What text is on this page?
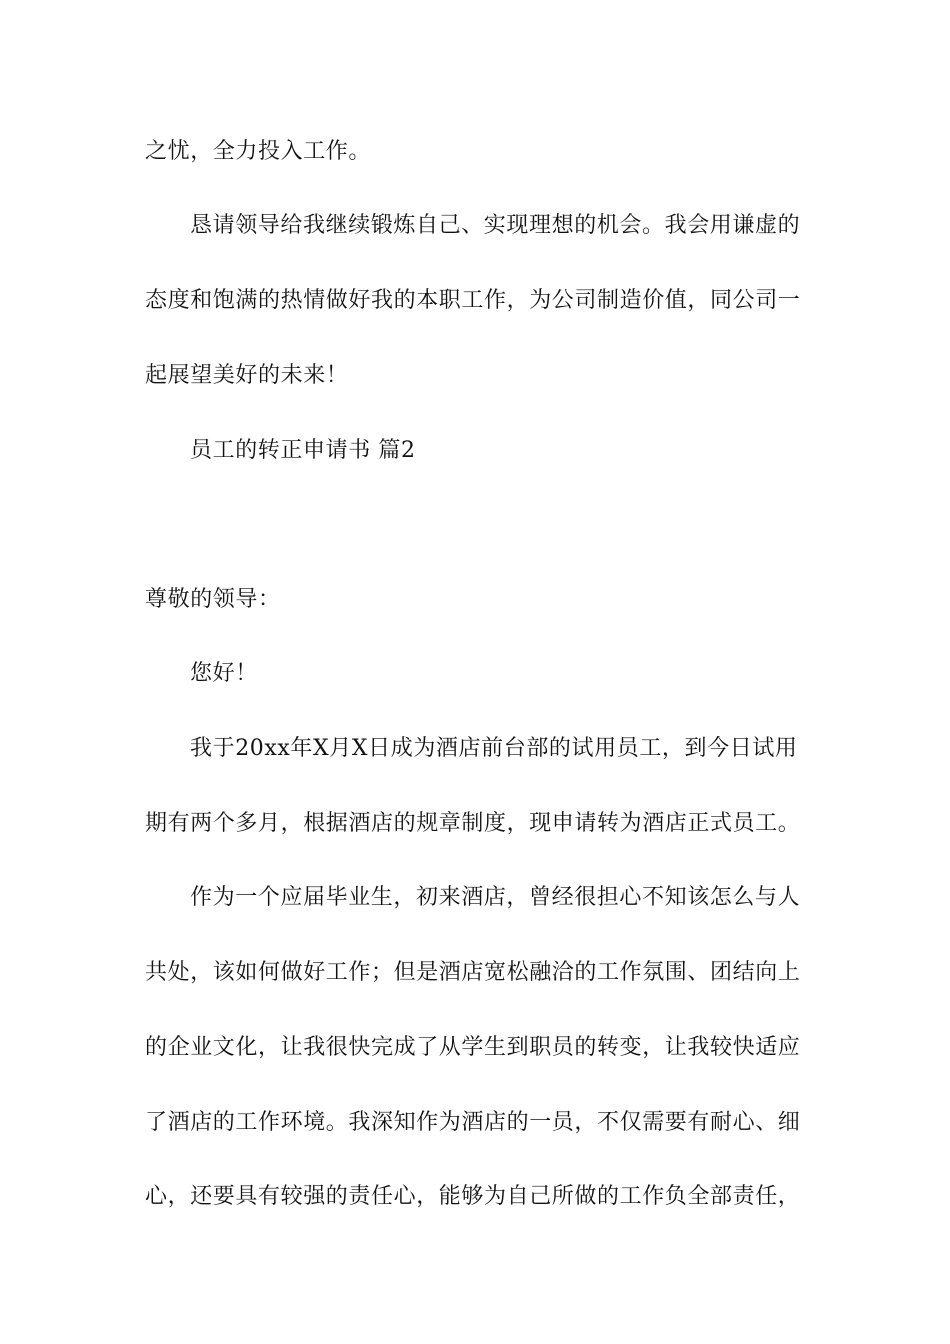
之忧，全力投入工作。
恳请领导给我继续锻炼自己、实现理想的机会。我会用谦虚的
态度和饱满的热情做好我的本职工作，为公司制造价值，同公司一
起展望美好的未来！
员工的转正申请书 篇2
尊敬的领导：
您好！
我于20xx年X月X日成为酒店前台部的试用员工，到今日试用
期有两个多月，根据酒店的规章制度，现申请转为酒店正式员工。
作为一个应届毕业生，初来酒店，曾经很担心不知该怎么与人
共处，该如何做好工作；但是酒店宽松融洽的工作氛围、团结向上
的企业文化，让我很快完成了从学生到职员的转变，让我较快适应
了酒店的工作环境。我深知作为酒店的一员，不仅需要有耐心、细
心，还要具有较强的责任心，能够为自己所做的工作负全部责任，
